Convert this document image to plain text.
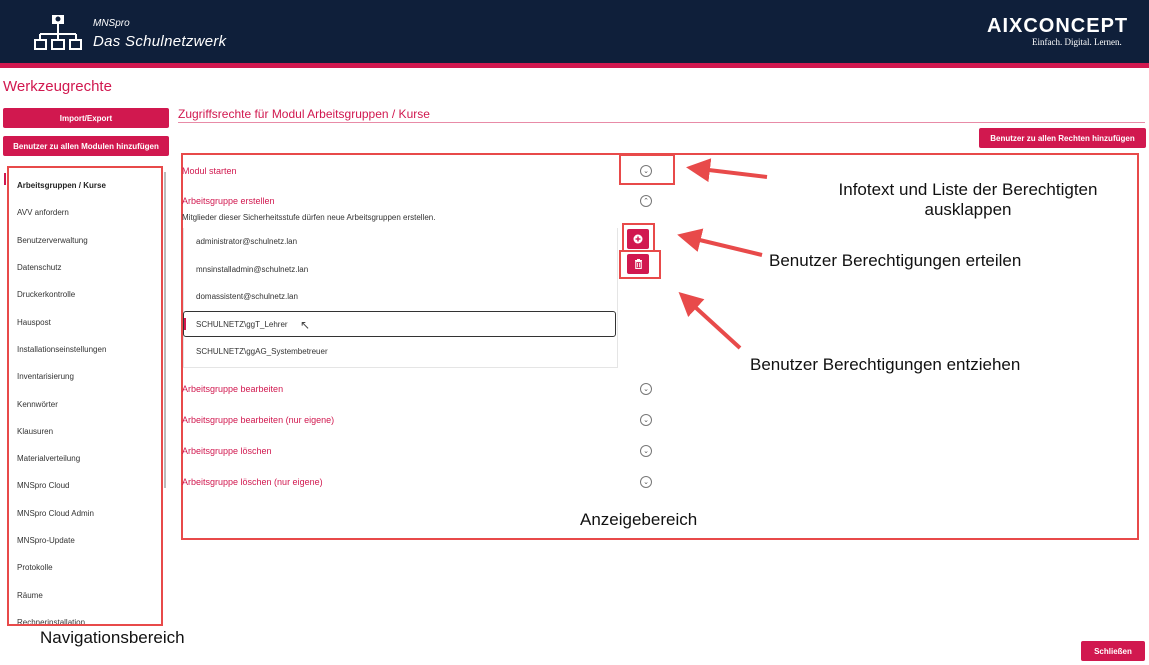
MNSpro
Das Schulnetzwerk
AIXCONCEPT
Einfach. Digital. Lernen.
Werkzeugrechte
Import/Export
Benutzer zu allen Modulen hinzufügen
Zugriffsrechte für Modul Arbeitsgruppen / Kurse
Benutzer zu allen Rechten hinzufügen
Arbeitsgruppen / Kurse
AVV anfordern
Benutzerverwaltung
Datenschutz
Druckerkontrolle
Hauspost
Installationseinstellungen
Inventarisierung
Kennwörter
Klausuren
Materialverteilung
MNSpro Cloud
MNSpro Cloud Admin
MNSpro-Update
Protokolle
Räume
Rechnerinstallation
Modul starten	⌄
Arbeitsgruppe erstellen	⌃
Mitglieder dieser Sicherheitsstufe dürfen neue Arbeitsgruppen erstellen.
administrator@schulnetz.lan
mnsinstalladmin@schulnetz.lan
domassistent@schulnetz.lan
SCHULNETZ\ggT_Lehrer
SCHULNETZ\ggAG_Systembetreuer
↖
Arbeitsgruppe bearbeiten	⌄
Arbeitsgruppe bearbeiten (nur eigene)	⌄
Arbeitsgruppe löschen	⌄
Arbeitsgruppe löschen (nur eigene)	⌄
Infotext und Liste der Berechtigten
ausklappen
Benutzer Berechtigungen erteilen
Benutzer Berechtigungen entziehen
Anzeigebereich
Navigationsbereich
Schließen
